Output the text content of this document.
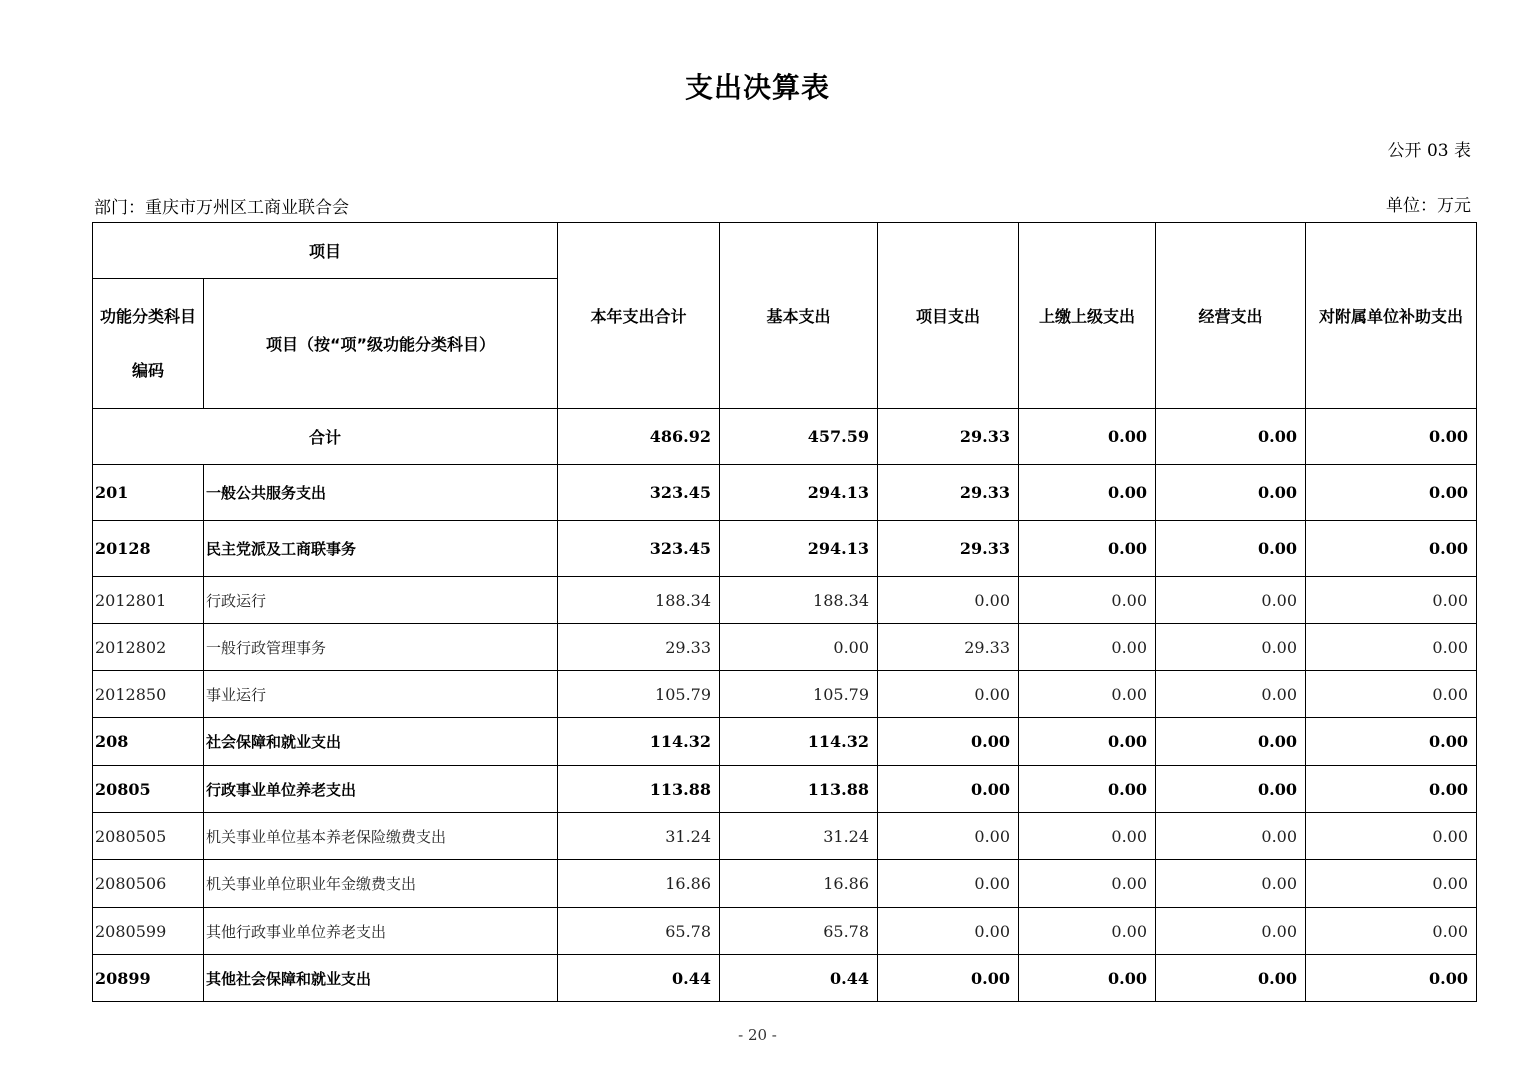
支出决算表
公开 03 表
部门：重庆市万州区工商业联合会	单位：万元
项目		本年支出合计	基本支出	项目支出	上缴上级支出	经营支出	对附属单位补助支出
功能分类科目编码	项目（按“项”级功能分类科目）						
合计		486.92	457.59	29.33	0.00	0.00	0.00
201	一般公共服务支出	323.45	294.13	29.33	0.00	0.00	0.00
20128	民主党派及工商联事务	323.45	294.13	29.33	0.00	0.00	0.00
2012801	行政运行	188.34	188.34	0.00	0.00	0.00	0.00
2012802	一般行政管理事务	29.33	0.00	29.33	0.00	0.00	0.00
2012850	事业运行	105.79	105.79	0.00	0.00	0.00	0.00
208	社会保障和就业支出	114.32	114.32	0.00	0.00	0.00	0.00
20805	行政事业单位养老支出	113.88	113.88	0.00	0.00	0.00	0.00
2080505	机关事业单位基本养老保险缴费支出	31.24	31.24	0.00	0.00	0.00	0.00
2080506	机关事业单位职业年金缴费支出	16.86	16.86	0.00	0.00	0.00	0.00
2080599	其他行政事业单位养老支出	65.78	65.78	0.00	0.00	0.00	0.00
20899	其他社会保障和就业支出	0.44	0.44	0.00	0.00	0.00	0.00
- 20 -
